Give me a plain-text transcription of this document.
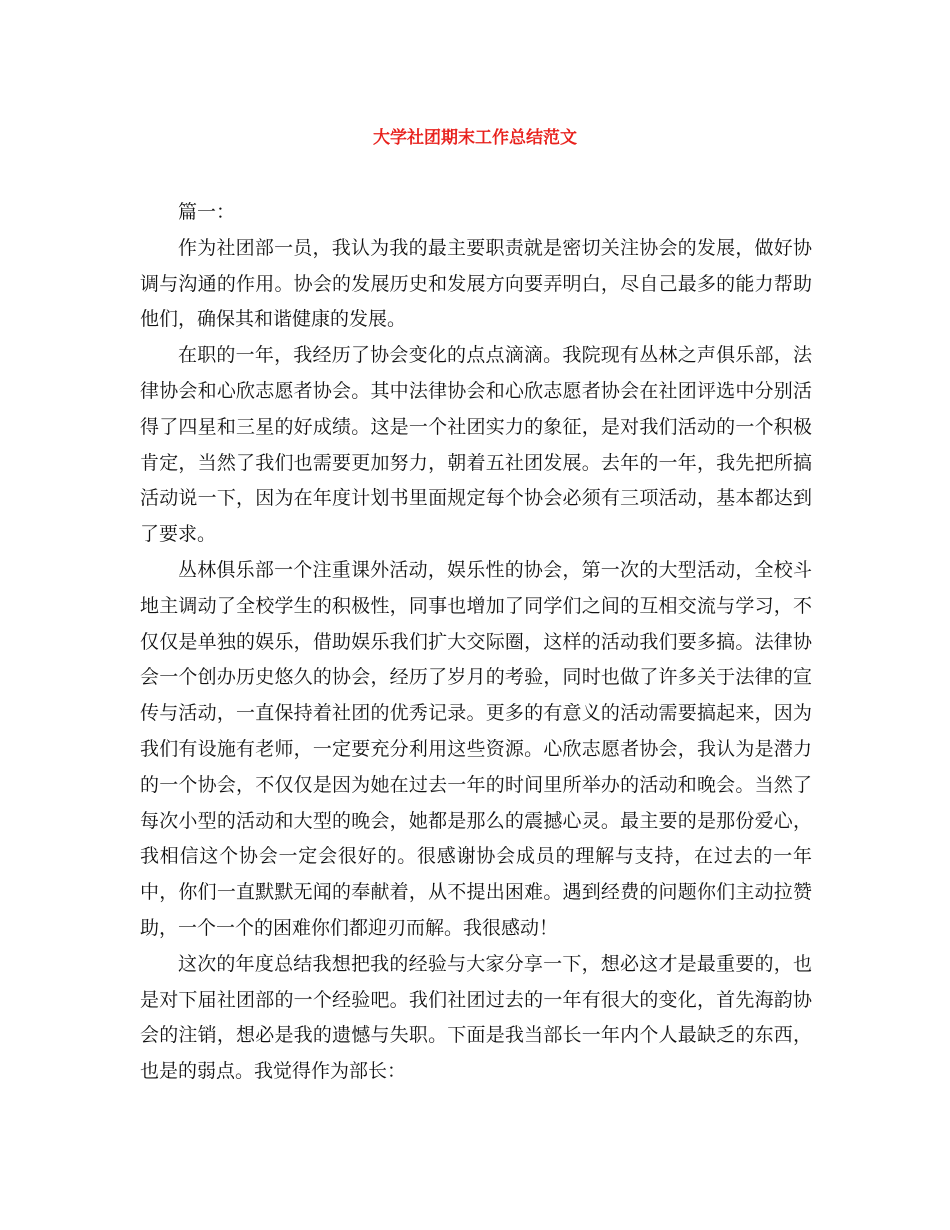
大学社团期末工作总结范文

篇一：

作为社团部一员，我认为我的最主要职责就是密切关注协会的发展，做好协调与沟通的作用。协会的发展历史和发展方向要弄明白，尽自己最多的能力帮助他们，确保其和谐健康的发展。

在职的一年，我经历了协会变化的点点滴滴。我院现有丛林之声俱乐部，法律协会和心欣志愿者协会。其中法律协会和心欣志愿者协会在社团评选中分别活得了四星和三星的好成绩。这是一个社团实力的象征，是对我们活动的一个积极肯定，当然了我们也需要更加努力，朝着五社团发展。去年的一年，我先把所搞活动说一下，因为在年度计划书里面规定每个协会必须有三项活动，基本都达到了要求。

丛林俱乐部一个注重课外活动，娱乐性的协会，第一次的大型活动，全校斗地主调动了全校学生的积极性，同事也增加了同学们之间的互相交流与学习，不仅仅是单独的娱乐，借助娱乐我们扩大交际圈，这样的活动我们要多搞。法律协会一个创办历史悠久的协会，经历了岁月的考验，同时也做了许多关于法律的宣传与活动，一直保持着社团的优秀记录。更多的有意义的活动需要搞起来，因为我们有设施有老师，一定要充分利用这些资源。心欣志愿者协会，我认为是潜力的一个协会，不仅仅是因为她在过去一年的时间里所举办的活动和晚会。当然了每次小型的活动和大型的晚会，她都是那么的震撼心灵。最主要的是那份爱心，我相信这个协会一定会很好的。很感谢协会成员的理解与支持，在过去的一年中，你们一直默默无闻的奉献着，从不提出困难。遇到经费的问题你们主动拉赞助，一个一个的困难你们都迎刃而解。我很感动！

这次的年度总结我想把我的经验与大家分享一下，想必这才是最重要的，也是对下届社团部的一个经验吧。我们社团过去的一年有很大的变化，首先海韵协会的注销，想必是我的遗憾与失职。下面是我当部长一年内个人最缺乏的东西，也是的弱点。我觉得作为部长：
